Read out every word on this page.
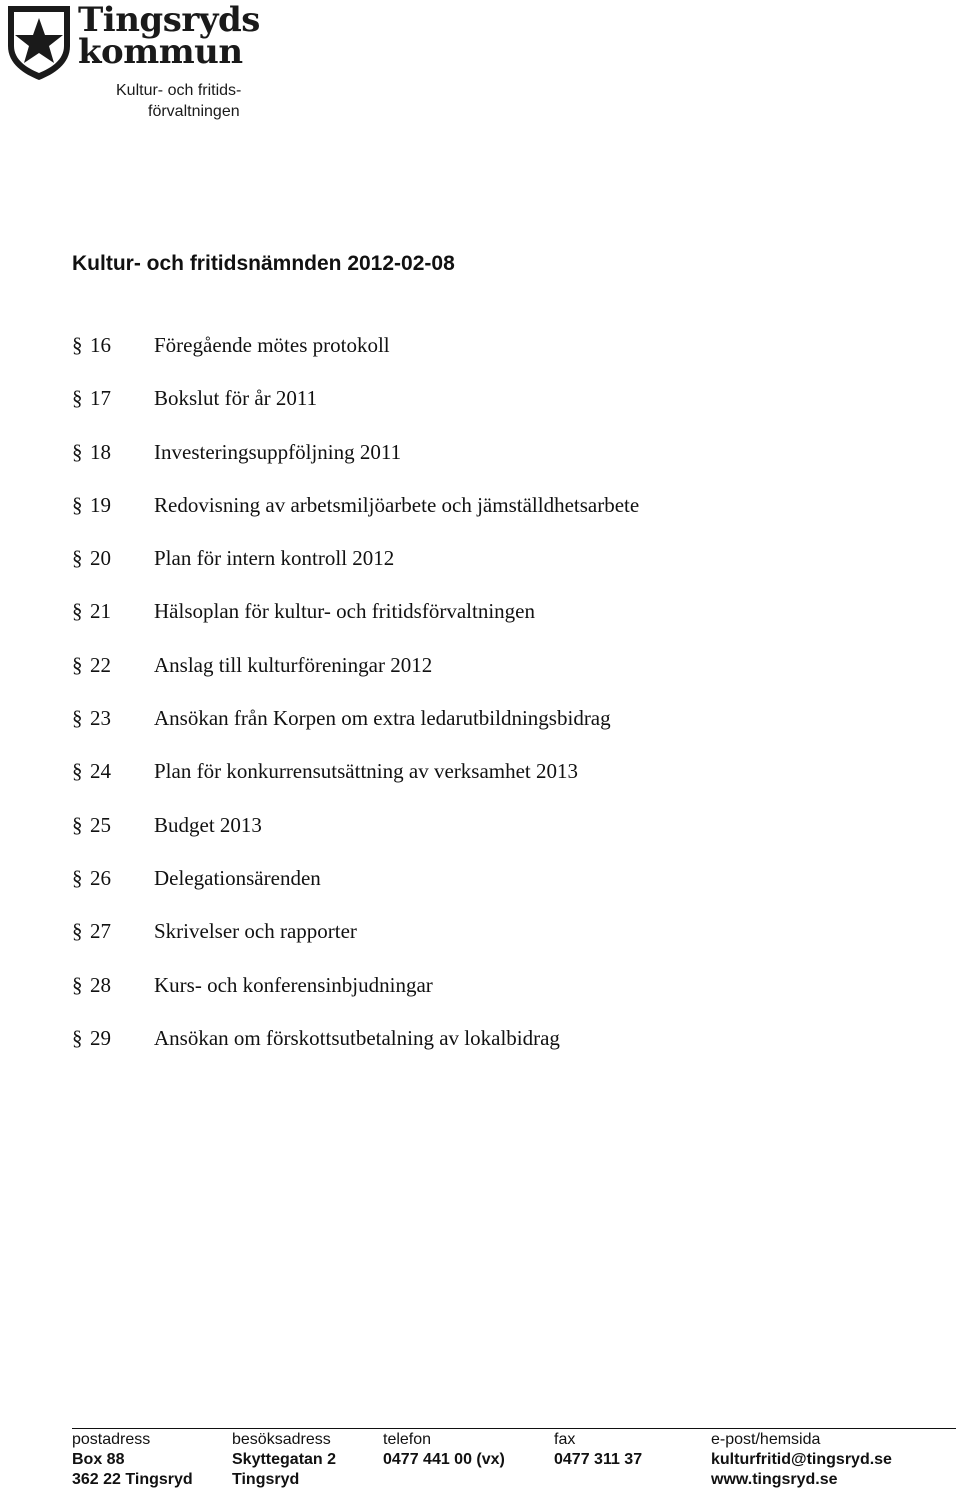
Tingsryds
kommun
Kultur- och fritids-
förvaltningen
Kultur- och fritidsnämnden 2012-02-08
§ 16	Föregående mötes protokoll
§ 17	Bokslut för år 2011
§ 18	Investeringsuppföljning 2011
§ 19	Redovisning av arbetsmiljöarbete och jämställdhetsarbete
§ 20	Plan för intern kontroll 2012
§ 21	Hälsoplan för kultur- och fritidsförvaltningen
§ 22	Anslag till kulturföreningar 2012
§ 23	Ansökan från Korpen om extra ledarutbildningsbidrag
§ 24	Plan för konkurrensutsättning av verksamhet 2013
§ 25	Budget 2013
§ 26	Delegationsärenden
§ 27	Skrivelser och rapporter
§ 28	Kurs- och konferensinbjudningar
§ 29	Ansökan om förskottsutbetalning av lokalbidrag
postadress
Box 88
362 22 Tingsryd
besöksadress
Skyttegatan 2
Tingsryd
telefon
0477 441 00 (vx)
fax
0477 311 37
e-post/hemsida
kulturfritid@tingsryd.se
www.tingsryd.se
